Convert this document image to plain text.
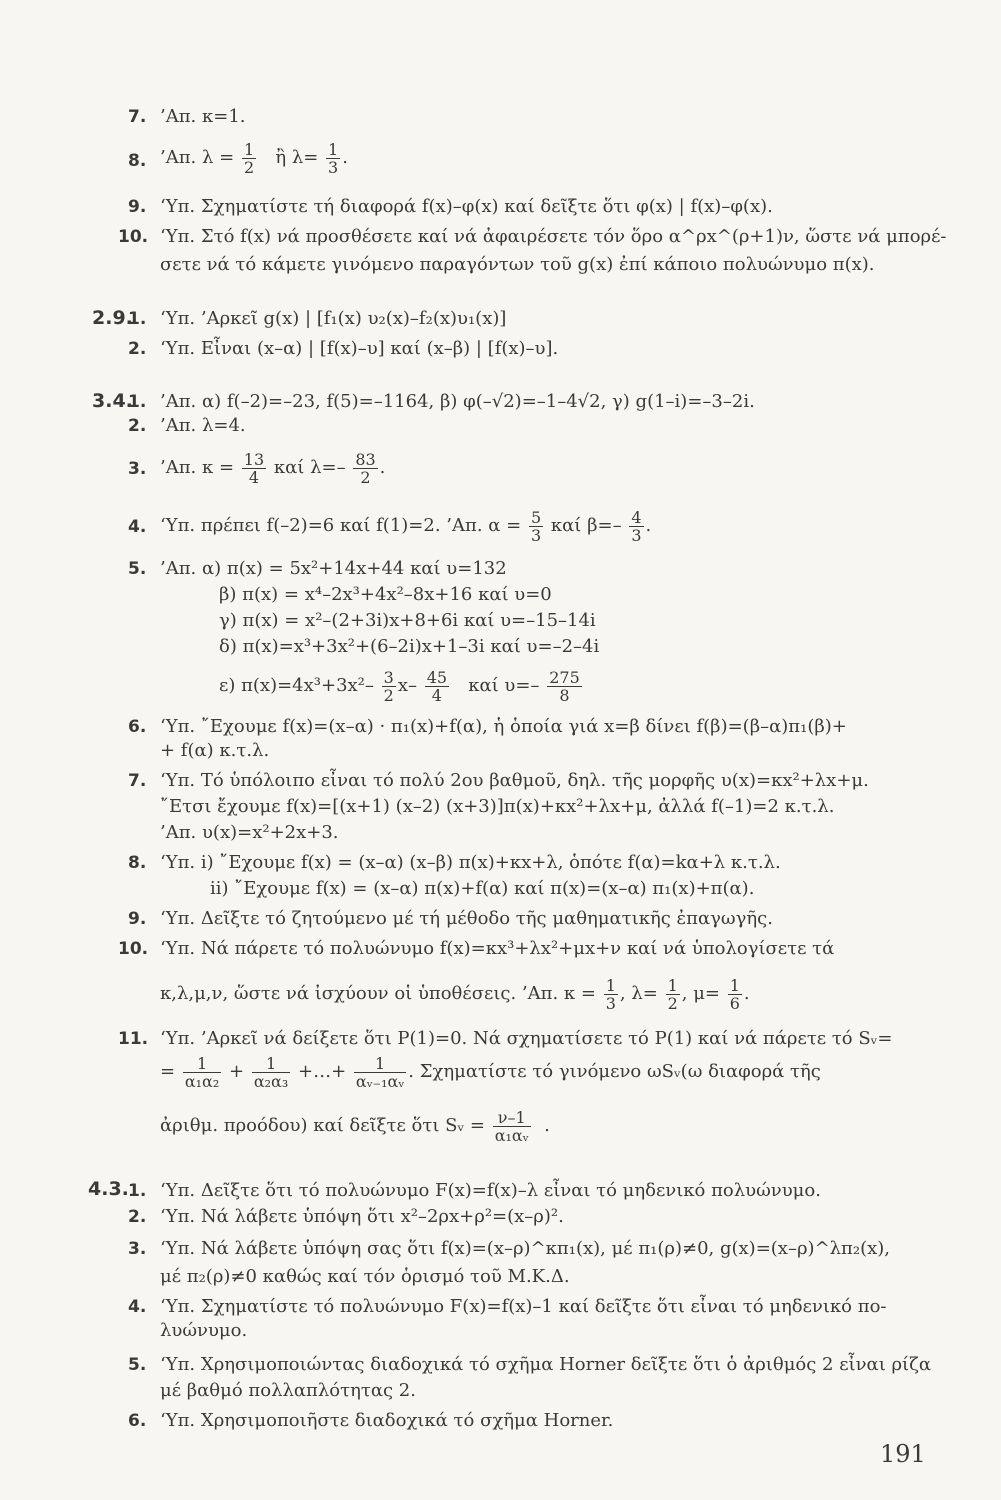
7. ’Απ. κ=1.
8. ’Απ. $\lambda = \frac{1}{2}$ ἢ $\lambda= \frac{1}{3}$ .
9. ‘Υπ. Σχηματίστε τή διαφορά f(x)–φ(x) καί δεῖξτε ὅτι φ(x) | f(x)–φ(x).
10. ‘Υπ. Στό f(x) νά προσθέσετε καί νά ἀφαιρέσετε τόν ὅρο α^ρx^(ρ+1)ν, ὥστε νά μπορέ-
σετε νά τό κάμετε γινόμενο παραγόντων τοῦ g(x) ἐπί κάποιο πολυώνυμο π(x).
2.9.
1. ‘Υπ. ’Αρκεῖ g(x) | [f₁(x) υ₂(x)–f₂(x)υ₁(x)]
2. ‘Υπ. Εἶναι (x–α) | [f(x)–υ] καί (x–β) | [f(x)–υ].
3.4.
1. ’Απ. α) f(–2)=–23, f(5)=–1164, β) φ(–√2)=–1–4√2, γ) g(1–i)=–3–2i.
2. ’Απ. λ=4.
3. ’Απ. $\kappa = \frac{13}{4}$ καί $\lambda=- \frac{83}{2}$ .
4. ‘Υπ. πρέπει f(–2)=6 καί f(1)=2. ’Απ. $\alpha = \frac{5}{3}$ καί $\beta=- \frac{4}{3}$ .
5. ’Απ. α) π(x) = 5x²+14x+44 καί υ=132
β) π(x) = x⁴–2x³+4x²–8x+16 καί υ=0
γ) π(x) = x²–(2+3i)x+8+6i καί υ=–15–14i
δ) π(x)=x³+3x²+(6–2i)x+1–3i καί υ=–2–4i
ε) $\pi(x)=4x^3+3x^2- \frac{3}{2} x- \frac{45}{4}$ καί $\upsilon=- \frac{275}{8}$
6. ‘Υπ. ῎Εχουμε f(x)=(x–α) · π₁(x)+f(α), ἡ ὁποία γιά x=β δίνει f(β)=(β–α)π₁(β)+
+ f(α) κ.τ.λ.
7. ‘Υπ. Τό ὑπόλοιπο εἶναι τό πολύ 2ου βαθμοῦ, δηλ. τῆς μορφῆς υ(x)=κx²+λx+μ.
῎Ετσι ἔχουμε f(x)=[(x+1) (x–2) (x+3)]π(x)+κx²+λx+μ, ἀλλά f(–1)=2 κ.τ.λ.
’Απ. υ(x)=x²+2x+3.
8. ‘Υπ. i) ῎Εχουμε f(x) = (x–α) (x–β) π(x)+κx+λ, ὁπότε f(α)=kα+λ κ.τ.λ.
ii) ῎Εχουμε f(x) = (x–α) π(x)+f(α) καί π(x)=(x–α) π₁(x)+π(α).
9. ‘Υπ. Δεῖξτε τό ζητούμενο μέ τή μέθοδο τῆς μαθηματικῆς ἐπαγωγῆς.
10. ‘Υπ. Νά πάρετε τό πολυώνυμο f(x)=κx³+λx²+μx+ν καί νά ὑπολογίσετε τά
κ,λ,μ,ν, ὥστε νά ἰσχύουν οἱ ὑποθέσεις. ’Απ. $\kappa = \frac{1}{3}$ , $\lambda= \frac{1}{2}$ , $\mu= \frac{1}{6}$ .
11. ‘Υπ. ’Αρκεῖ νά δείξετε ὅτι P(1)=0. Νά σχηματίσετε τό P(1) καί νά πάρετε τό Sᵥ=
= $\frac{1}{\text{α₁α₂}} + \frac{1}{\text{α₂α₃}}$ +…+ $\frac{1}{\text{αᵥ₋₁αᵥ}}$ . Σχηματίστε τό γινόμενο ωSᵥ(ω διαφορά τῆς
ἀριθμ. προόδου) καί δεῖξτε ὅτι Sᵥ = $\frac{\nu-1}{\text{α₁αᵥ}}$ .
4.3. 1. ‘Υπ. Δεῖξτε ὅτι τό πολυώνυμο F(x)=f(x)–λ εἶναι τό μηδενικό πολυώνυμο.
2. ‘Υπ. Νά λάβετε ὑπόψη ὅτι x²–2ρx+ρ²=(x–ρ)².
3. ‘Υπ. Νά λάβετε ὑπόψη σας ὅτι f(x)=(x–ρ)^κπ₁(x), μέ π₁(ρ)≠0, g(x)=(x–ρ)^λπ₂(x),
μέ π₂(ρ)≠0 καθώς καί τόν ὁρισμό τοῦ Μ.Κ.Δ.
4. ‘Υπ. Σχηματίστε τό πολυώνυμο F(x)=f(x)–1 καί δεῖξτε ὅτι εἶναι τό μηδενικό πο-
λυώνυμο.
5. ‘Υπ. Χρησιμοποιώντας διαδοχικά τό σχῆμα Horner δεῖξτε ὅτι ὁ ἀριθμός 2 εἶναι ρίζα
μέ βαθμό πολλαπλότητας 2.
6. ‘Υπ. Χρησιμοποιῆστε διαδοχικά τό σχῆμα Horner.
191
